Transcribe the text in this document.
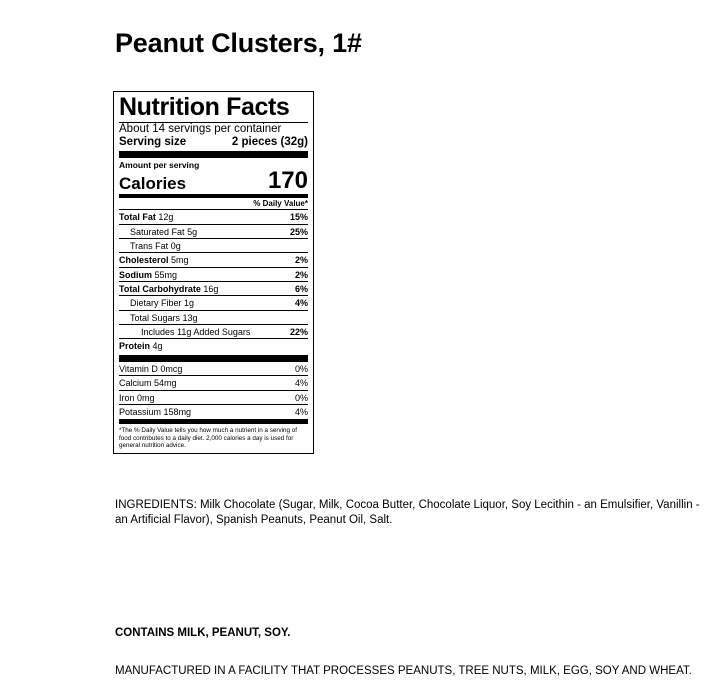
Peanut Clusters, 1#
Nutrition Facts
About 14 servings per container
Serving size	2 pieces (32g)
Amount per serving
Calories	170
% Daily Value*
Total Fat 12g	15%
Saturated Fat 5g	25%
Trans Fat 0g
Cholesterol 5mg	2%
Sodium 55mg	2%
Total Carbohydrate 16g	6%
Dietary Fiber 1g	4%
Total Sugars 13g
Includes 11g Added Sugars	22%
Protein 4g
Vitamin D 0mcg	0%
Calcium 54mg	4%
Iron 0mg	0%
Potassium 158mg	4%
*The % Daily Value tells you how much a nutrient in a serving of food contributes to a daily diet. 2,000 calories a day is used for general nutrition advice.

INGREDIENTS: Milk Chocolate (Sugar, Milk, Cocoa Butter, Chocolate Liquor, Soy Lecithin - an Emulsifier, Vanillin - an Artificial Flavor), Spanish Peanuts, Peanut Oil, Salt.

CONTAINS MILK, PEANUT, SOY.

MANUFACTURED IN A FACILITY THAT PROCESSES PEANUTS, TREE NUTS, MILK, EGG, SOY AND WHEAT.
